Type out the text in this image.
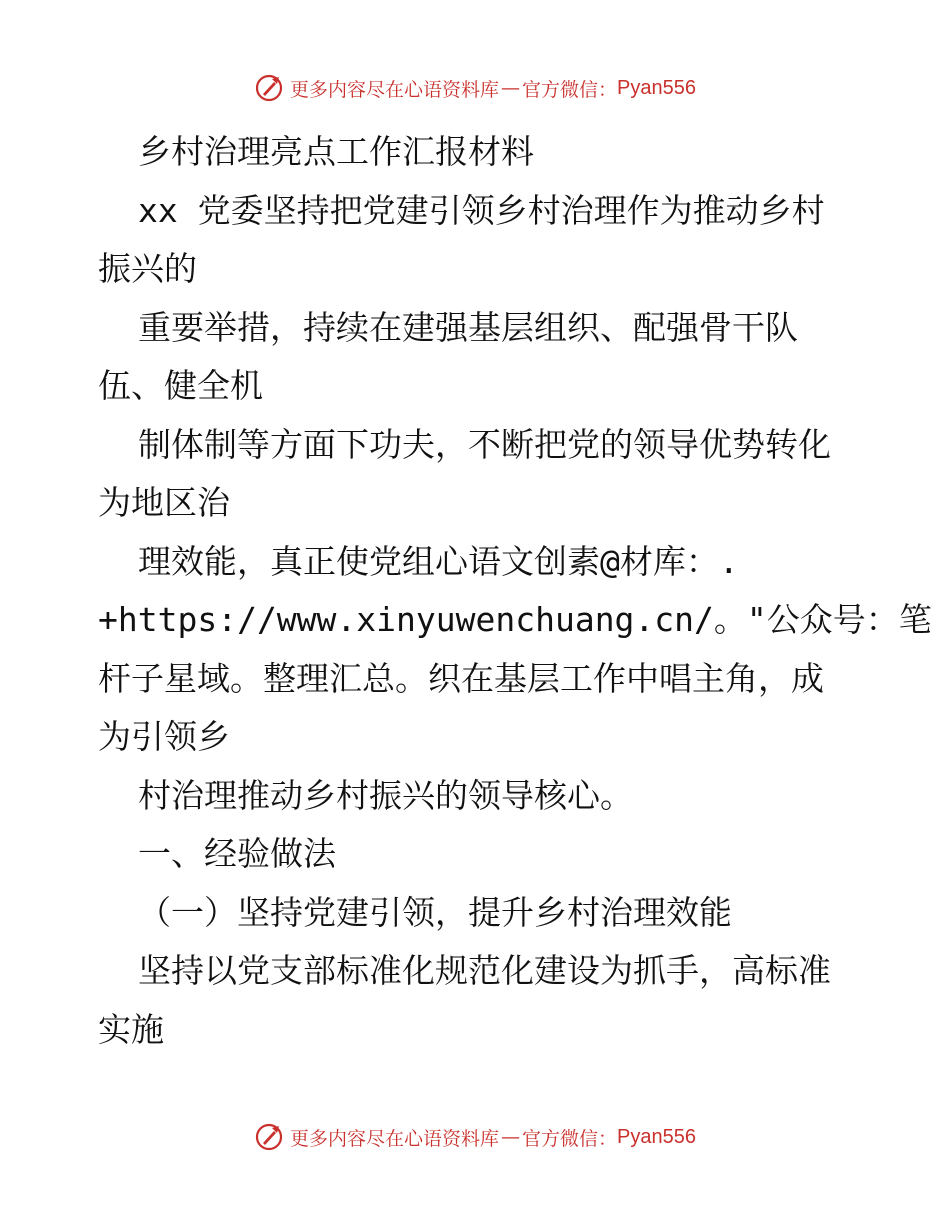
更多内容尽在心语资料库 — 官方微信： Pyan556
乡村治理亮点工作汇报材料
xx 党委坚持把党建引领乡村治理作为推动乡村
振兴的
重要举措，持续在建强基层组织、配强骨干队
伍、健全机
制体制等方面下功夫，不断把党的领导优势转化
为地区治
理效能，真正使党组心语文创素@材库：.
+https://www.xinyuwenchuang.cn/。"公众号：笔
杆子星域。整理汇总。织在基层工作中唱主角，成
为引领乡
村治理推动乡村振兴的领导核心。
一、经验做法
（一）坚持党建引领，提升乡村治理效能
坚持以党支部标准化规范化建设为抓手，高标准
实施
更多内容尽在心语资料库 — 官方微信： Pyan556
